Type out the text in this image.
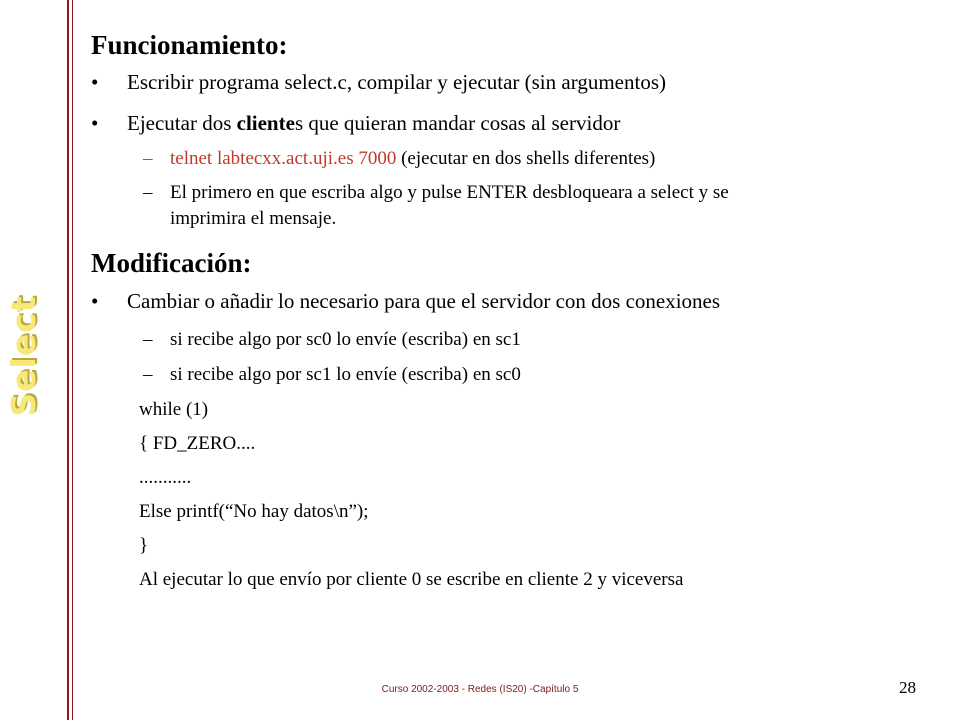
Select
Funcionamiento:
• Escribir programa select.c, compilar y ejecutar (sin argumentos)
• Ejecutar dos clientes que quieran mandar cosas al servidor
– telnet labtecxx.act.uji.es 7000 (ejecutar en dos shells diferentes)
– El primero en que escriba algo y pulse ENTER desbloqueara a select y se
imprimira el mensaje.
Modificación:
• Cambiar o añadir lo necesario para que el servidor con dos conexiones
– si recibe algo por sc0 lo envíe (escriba) en sc1
– si recibe algo por sc1 lo envíe (escriba) en sc0
while (1)
{ FD_ZERO....
...........
Else printf(“No hay datos\n”);
}
Al ejecutar lo que envío por cliente 0 se escribe en cliente 2 y viceversa
Curso 2002-2003 - Redes (IS20) -Capítulo 5	28
